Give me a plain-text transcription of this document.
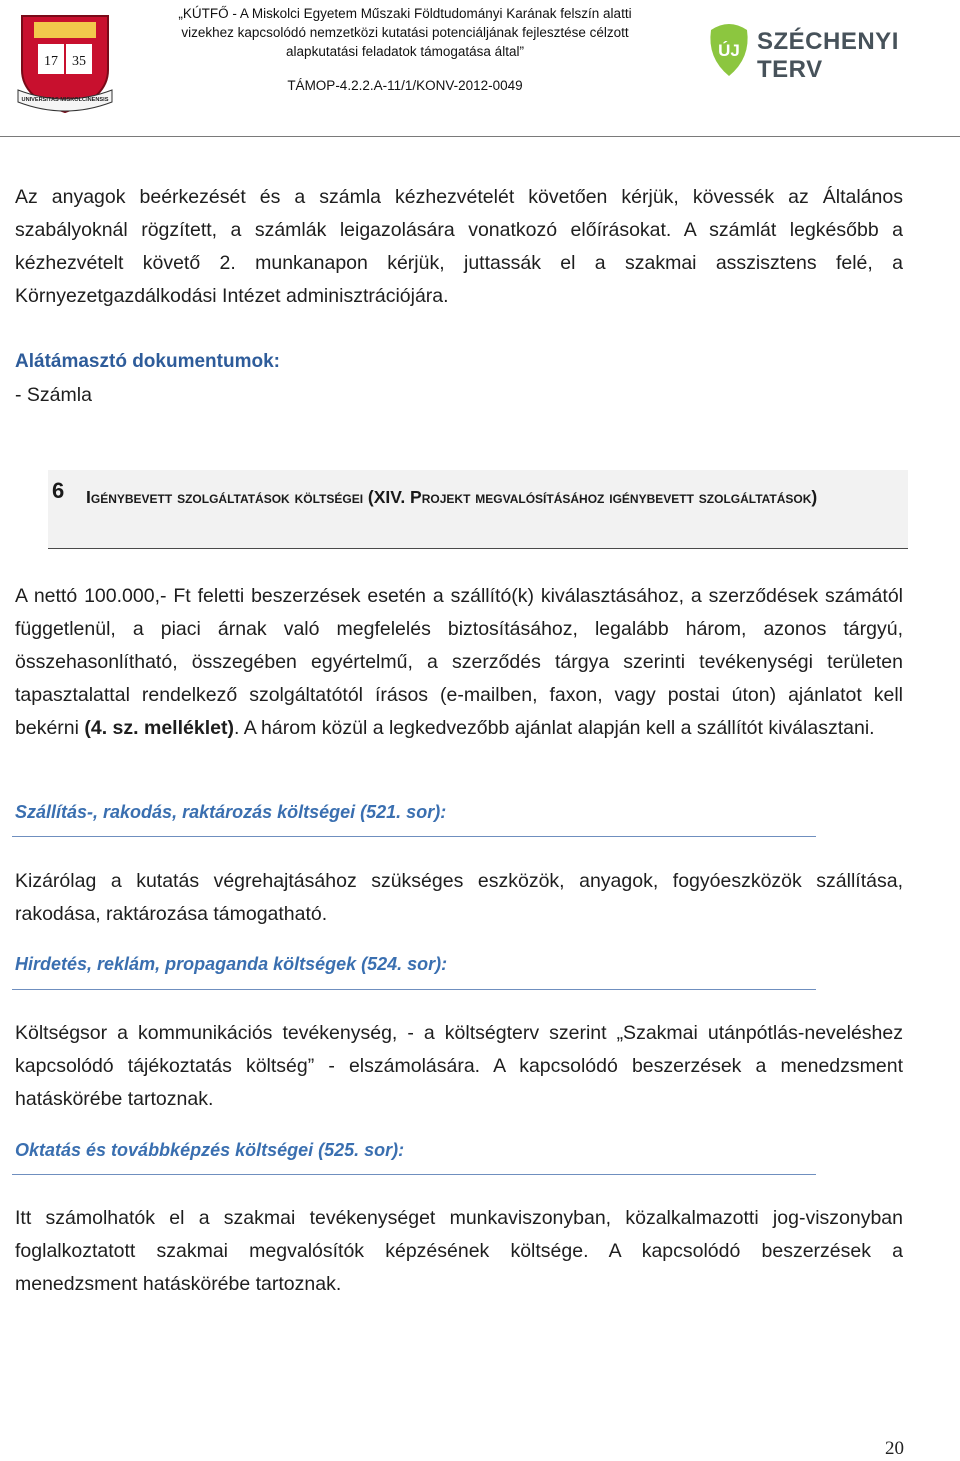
17 35
UNIVERSITAS MISKOLCINENSIS
„KÚTFŐ - A Miskolci Egyetem Műszaki Földtudományi Karának felszín alatti
vizekhez kapcsolódó nemzetközi kutatási potenciáljának fejlesztése célzott
alapkutatási feladatok támogatása által”
TÁMOP-4.2.2.A-11/1/KONV-2012-0049
ÚJ SZÉCHENYI TERV
Az anyagok beérkezését és a számla kézhezvételét követően kérjük, kövessék az Általános szabályoknál rögzített, a számlák leigazolására vonatkozó előírásokat. A számlát legkésőbb a kézhezvételt követő 2. munkanapon kérjük, juttassák el a szakmai asszisztens felé, a Környezetgazdálkodási Intézet adminisztrációjára.
Alátámasztó dokumentumok:
- Számla
6 Igénybevett szolgáltatások költségei (XIV. Projekt megvalósításához igénybevett szolgáltatások)
A nettó 100.000,- Ft feletti beszerzések esetén a szállító(k) kiválasztásához, a szerződések számától függetlenül, a piaci árnak való megfelelés biztosításához, legalább három, azonos tárgyú, összehasonlítható, összegében egyértelmű, a szerződés tárgya szerinti tevékenységi területen tapasztalattal rendelkező szolgáltatótól írásos (e-mailben, faxon, vagy postai úton) ajánlatot kell bekérni (4. sz. melléklet). A három közül a legkedvezőbb ajánlat alapján kell a szállítót kiválasztani.
Szállítás-, rakodás, raktározás költségei (521. sor):
Kizárólag a kutatás végrehajtásához szükséges eszközök, anyagok, fogyóeszközök szállítása, rakodása, raktározása támogatható.
Hirdetés, reklám, propaganda költségek (524. sor):
Költségsor a kommunikációs tevékenység, - a költségterv szerint „Szakmai utánpótlás-neveléshez kapcsolódó tájékoztatás költség” - elszámolására. A kapcsolódó beszerzések a menedzsment hatáskörébe tartoznak.
Oktatás és továbbképzés költségei (525. sor):
Itt számolhatók el a szakmai tevékenységet munkaviszonyban, közalkalmazotti jog-viszonyban foglalkoztatott szakmai megvalósítók képzésének költsége. A kapcsolódó beszerzések a menedzsment hatáskörébe tartoznak.
20
